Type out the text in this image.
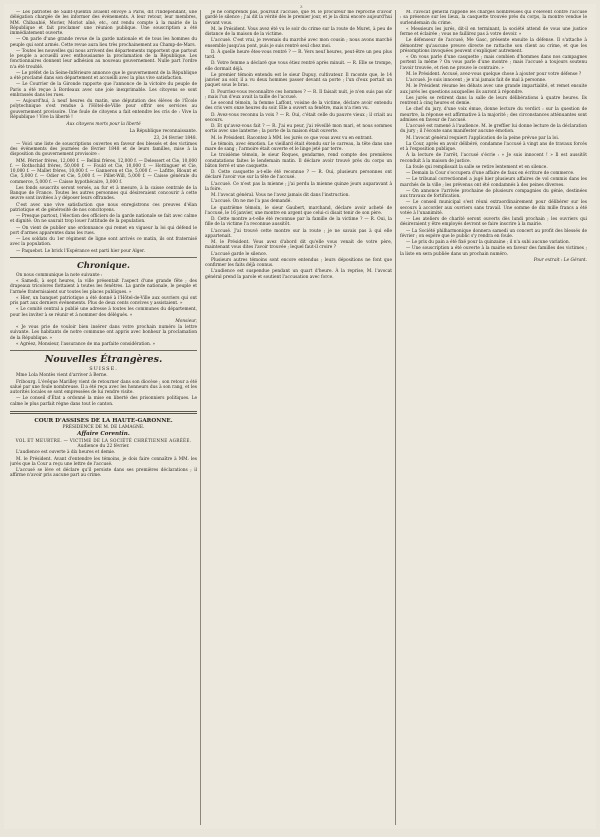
3

— Les patriotes de Saint-Quentin avaient envoyé à Paris, dit l'Indépendant, une délégation chargée de les informer des événements. A leur retour, leur membres, MM. Chibaubié, Morier, Moriot aîné, etc., ont rendu compte à la mairie de la République et fait proclamer une réunion publique. Une souscription a été immédiatement ouverte.

— On parle d'une grande revue de la garde nationale et de tous les hommes du peuple qui sont armés. Cette revue aura lieu très prochainement au Champ-de-Mars.

— Toutes les nouvelles qui nous arrivent des départements rapportent que partout le peuple a accueilli avec enthousiasme la proclamation de la République. Les fonctionnaires donnent leur adhésion au nouveau gouvernement. Nulle part l'ordre n'a été troublé.

— Le préfet de la Seine-Inférieure annonce que le gouvernement de la République a été proclamé dans son département et accueilli avec la plus vive satisfaction.

— Le Courrier de la Gironde rapporte que l'annonce de la victoire du peuple de Paris a été reçue à Bordeaux avec une joie inexprimable. Les citoyens se sont embrassés dans les rues.

— Aujourd'hui, à neuf heures du matin, une députation des élèves de l'École polytechnique s'est rendue à l'Hôtel-de-Ville pour offrir ses services au gouvernement provisoire. Une foule de citoyens a fait entendre les cris de : Vive la République ! Vive la liberté !

Aux citoyens morts pour la liberté

La République reconnaissante.

23, 24 février 1848.

— Voici une liste de souscriptions ouvertes en faveur des blessés et des victimes des événements des journées de février 1848 et de leurs familles, mise à la disposition du gouvernement provisoire :

MM. Pérrier frères, 12,000 f. — Bellini frères, 12,000 f. — Delessert et Cie, 10,000 f. — Rothschild frères, 50,000 f. — Fould et Cie, 10,000 f. — Hottinguer et Cie, 10,000 f. — Mallet frères, 10,000 f. — Ganneron et Cie, 5,000 f. — Lafitte, Blount et Cie, 5,000 f. — Odier et Cie, 5,000 f. — Pillet-Will, 5,000 f. — Caisse générale du commerce, 5,000 f. — Caisse hypothécaire, 3,000 f.

Les fonds souscrits seront versés, au fur et à mesure, à la caisse centrale de la Banque de France. Toutes les autres personnes qui désireraient concourir à cette œuvre sont invitées à y déposer leurs offrandes.

C'est avec une vive satisfaction que nous enregistrons ces preuves d'élan patriotique et de générosité de nos concitoyens.

— Presque partout, l'élection des officiers de la garde nationale se fait avec calme et dignité. On ne saurait trop louer l'attitude de la population.

— On vient de publier une ordonnance qui remet en vigueur la loi qui défend le port d'armes apparentes dans les rues.

— Les soldats du 1er régiment de ligne sont arrivés ce matin, ils ont fraternisé avec la population.

— Paquebot. Le brick l'Espérance est parti hier pour Alger.

Chronique.

On nous communique la note suivante :

« Samedi, à sept heures, la ville présentait l'aspect d'une grande fête ; des drapeaux tricolores flottaient à toutes les fenêtres. La garde nationale, le peuple et l'armée fraternisaient sur toutes les places publiques. »

« Hier, un banquet patriotique a été donné à l'Hôtel-de-Ville aux ouvriers qui ont pris part aux derniers événements. Plus de deux cents convives y assistaient. »

« Le comité central a publié une adresse à toutes les communes du département, pour les inviter à se réunir et à nommer des délégués. »

Monsieur,

« Je vous prie de vouloir bien insérer dans votre prochain numéro la lettre suivante. Les habitants de notre commune ont appris avec bonheur la proclamation de la République. »

« Agréez, Monsieur, l'assurance de ma parfaite considération. »

Nouvelles Étrangères.
SUISSE.

Mme Lola Montès vient d'arriver à Berne.

Fribourg. L'évêque Marilley vient de retourner dans son diocèse ; son retour a été salué par une foule nombreuse. Il a été reçu avec les honneurs dus à son rang, et les autorités locales se sont empressées de lui rendre visite.

— Le conseil d'État a ordonné la mise en liberté des prisonniers politiques. Le calme le plus parfait règne dans tout le canton.

COUR D'ASSISES DE LA HAUTE-GARONNE.
PRÉSIDENCE DE M. DE LAMAGNE.
Affaire Corentin.
VOL ET MEURTRE. — VICTIME DE LA SOCIÉTÉ CHRÉTIENNE AGRÉÉE.
Audience du 22 février.

L'audience est ouverte à dix heures et demie.

M. le Président. Avant d'entendre les témoins, je dois faire connaître à MM. les jurés que la Cour a reçu une lettre de l'accusé.

L'accusé se lève et déclare qu'il persiste dans ses premières déclarations ; il affirme n'avoir pris aucune part au crime.

Je ne comprends pas, poursuit l'accusé, que M. le procureur me reproche d'avoir gardé le silence ; j'ai dit la vérité dès le premier jour, et je la dirai encore aujourd'hui devant vous.

M. le Président. Vous avez été vu le soir du crime sur la route de Muret, à peu de distance de la maison de la victime.

L'accusé. C'est vrai, je revenais du marché avec mon cousin ; nous avons marché ensemble jusqu'au pont, puis je suis rentré seul chez moi.

D. À quelle heure êtes-vous rentré ? — R. Vers neuf heures, peut-être un peu plus tard.

D. Votre femme a déclaré que vous étiez rentré après minuit. — R. Elle se trompe, elle dormait déjà.

Le premier témoin entendu est le sieur Dupuy, cultivateur. Il raconte que, le 14 janvier au soir, il a vu deux hommes passer devant sa porte ; l'un d'eux portait un paquet sous le bras.

D. Pourriez-vous reconnaître ces hommes ? — R. Il faisait nuit, je n'en suis pas sûr ; mais l'un d'eux avait la taille de l'accusé.

Le second témoin, la femme Laffont, voisine de la victime, déclare avoir entendu des cris vers onze heures du soir. Elle a ouvert sa fenêtre, mais n'a rien vu.

D. Avez-vous reconnu la voix ? — R. Oui, c'était celle du pauvre vieux ; il criait au secours.

D. Et qu'avez-vous fait ? — R. J'ai eu peur, j'ai réveillé mon mari, et nous sommes sortis avec une lanterne ; la porte de la maison était ouverte.

M. le Président. Racontez à MM. les jurés ce que vous avez vu en entrant.

Le témoin, avec émotion. Le vieillard était étendu sur le carreau, la tête dans une mare de sang ; l'armoire était ouverte et le linge jeté par terre.

Le troisième témoin, le sieur Roques, gendarme, rend compte des premières constatations faites le lendemain matin. Il déclare avoir trouvé près du corps un bâton ferré et une casquette.

D. Cette casquette a-t-elle été reconnue ? — R. Oui, plusieurs personnes ont déclaré l'avoir vue sur la tête de l'accusé.

L'accusé. Ce n'est pas la mienne ; j'ai perdu la mienne quinze jours auparavant à la foire.

M. l'avocat général. Vous ne l'avez jamais dit dans l'instruction.

L'accusé. On ne me l'a pas demandé.

Le quatrième témoin, le sieur Gaubert, marchand, déclare avoir acheté de l'accusé, le 16 janvier, une montre en argent que celui-ci disait tenir de son père.

D. Cette montre a-t-elle été reconnue par la famille de la victime ? — R. Oui, la fille de la victime l'a reconnue aussitôt.

L'accusé. J'ai trouvé cette montre sur la route ; je ne savais pas à qui elle appartenait.

M. le Président. Vous avez d'abord dit qu'elle vous venait de votre père, maintenant vous dites l'avoir trouvée ; lequel faut-il croire ?

L'accusé garde le silence.

Plusieurs autres témoins sont encore entendus ; leurs dépositions ne font que confirmer les faits déjà connus.

L'audience est suspendue pendant un quart d'heure. À la reprise, M. l'avocat général prend la parole et soutient l'accusation avec force.

M. l'avocat général rappelle les charges nombreuses qui s'élèvent contre l'accusé : sa présence sur les lieux, la casquette trouvée près du corps, la montre vendue le surlendemain du crime.

« Messieurs les jurés, dit-il en terminant, la société attend de vous une justice ferme et éclairée ; vous ne faillirez pas à votre devoir. »

Le défenseur de l'accusé, Me Gasc, présente ensuite la défense. Il s'attache à démontrer qu'aucune preuve directe ne rattache son client au crime, et que les présomptions invoquées peuvent s'expliquer autrement.

« On vous parle d'une casquette ; mais combien d'hommes dans nos campagnes portent la même ? On vous parle d'une montre ; mais l'accusé a toujours soutenu l'avoir trouvée, et rien ne prouve le contraire. »

M. le Président. Accusé, avez-vous quelque chose à ajouter pour votre défense ?

L'accusé. Je suis innocent ; je n'ai jamais fait de mal à personne.

M. le Président résume les débats avec une grande impartialité, et remet ensuite aux jurés les questions auxquelles ils auront à répondre.

Les jurés se retirent dans la salle de leurs délibérations à quatre heures. Ils rentrent à cinq heures et demie.

Le chef du jury, d'une voix émue, donne lecture du verdict : sur la question de meurtre, la réponse est affirmative à la majorité ; des circonstances atténuantes sont admises en faveur de l'accusé.

L'accusé est ramené à l'audience. M. le greffier lui donne lecture de la déclaration du jury ; il l'écoute sans manifester aucune émotion.

M. l'avocat général requiert l'application de la peine prévue par la loi.

La Cour, après en avoir délibéré, condamne l'accusé à vingt ans de travaux forcés et à l'exposition publique.

À la lecture de l'arrêt, l'accusé s'écrie : « Je suis innocent ! » Il est aussitôt reconduit à la maison de justice.

La foule qui remplissait la salle se retire lentement et en silence.

— Demain la Cour s'occupera d'une affaire de faux en écriture de commerce.

— Le tribunal correctionnel a jugé hier plusieurs affaires de vol commis dans les marchés de la ville ; les prévenus ont été condamnés à des peines diverses.

— On annonce l'arrivée prochaine de plusieurs compagnies du génie, destinées aux travaux de fortification.

— Le conseil municipal s'est réuni extraordinairement pour délibérer sur les secours à accorder aux ouvriers sans travail. Une somme de dix mille francs a été votée à l'unanimité.

— Les ateliers de charité seront ouverts dès lundi prochain ; les ouvriers qui désireraient y être employés devront se faire inscrire à la mairie.

— La Société philharmonique donnera samedi un concert au profit des blessés de février ; on espère que le public s'y rendra en foule.

— Le prix du pain a été fixé pour la quinzaine ; il n'a subi aucune variation.

— Une souscription a été ouverte à la mairie en faveur des familles des victimes ; la liste en sera publiée dans un prochain numéro.

Pour extrait : Le Gérant.
